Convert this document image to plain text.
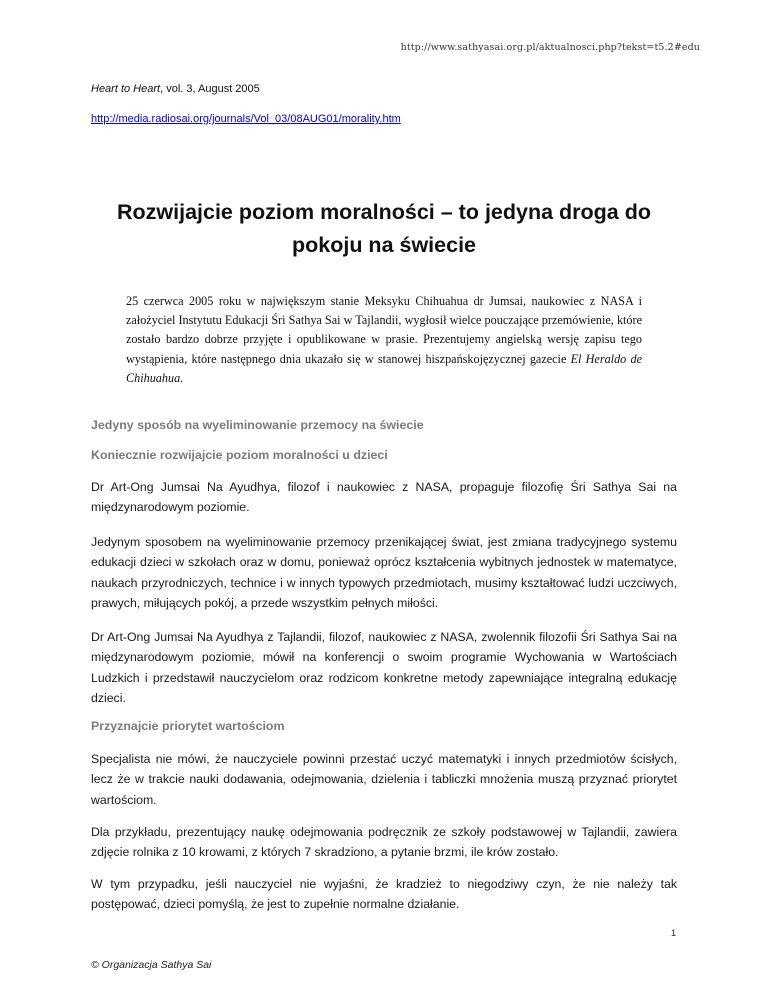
http://www.sathyasai.org.pl/aktualnosci.php?tekst=t5.2#edu
Heart to Heart, vol. 3, August 2005
http://media.radiosai.org/journals/Vol_03/08AUG01/morality.htm
Rozwijajcie poziom moralności – to jedyna droga do pokoju na świecie

25 czerwca 2005 roku w największym stanie Meksyku Chihuahua dr Jumsai, naukowiec z NASA i założyciel Instytutu Edukacji Śri Sathya Sai w Tajlandii, wygłosił wielce pouczające przemówienie, które zostało bardzo dobrze przyjęte i opublikowane w prasie. Prezentujemy angielską wersję zapisu tego wystąpienia, które następnego dnia ukazało się w stanowej hiszpańskojęzycznej gazecie El Heraldo de Chihuahua.

Jedyny sposób na wyeliminowanie przemocy na świecie
Koniecznie rozwijajcie poziom moralności u dzieci

Dr Art-Ong Jumsai Na Ayudhya, filozof i naukowiec z NASA, propaguje filozofię Śri Sathya Sai na międzynarodowym poziomie.

Jedynym sposobem na wyeliminowanie przemocy przenikającej świat, jest zmiana tradycyjnego systemu edukacji dzieci w szkołach oraz w domu, ponieważ oprócz kształcenia wybitnych jednostek w matematyce, naukach przyrodniczych, technice i w innych typowych przedmiotach, musimy kształtować ludzi uczciwych, prawych, miłujących pokój, a przede wszystkim pełnych miłości.

Dr Art-Ong Jumsai Na Ayudhya z Tajlandii, filozof, naukowiec z NASA, zwolennik filozofii Śri Sathya Sai na międzynarodowym poziomie, mówił na konferencji o swoim programie Wychowania w Wartościach Ludzkich i przedstawił nauczycielom oraz rodzicom konkretne metody zapewniające integralną edukację dzieci.

Przyznajcie priorytet wartościom

Specjalista nie mówi, że nauczyciele powinni przestać uczyć matematyki i innych przedmiotów ścisłych, lecz że w trakcie nauki dodawania, odejmowania, dzielenia i tabliczki mnożenia muszą przyznać priorytet wartościom.

Dla przykładu, prezentujący naukę odejmowania podręcznik ze szkoły podstawowej w Tajlandii, zawiera zdjęcie rolnika z 10 krowami, z których 7 skradziono, a pytanie brzmi, ile krów zostało.

W tym przypadku, jeśli nauczyciel nie wyjaśni, że kradzież to niegodziwy czyn, że nie należy tak postępować, dzieci pomyślą, że jest to zupełnie normalne działanie.

1
© Organizacja Sathya Sai
